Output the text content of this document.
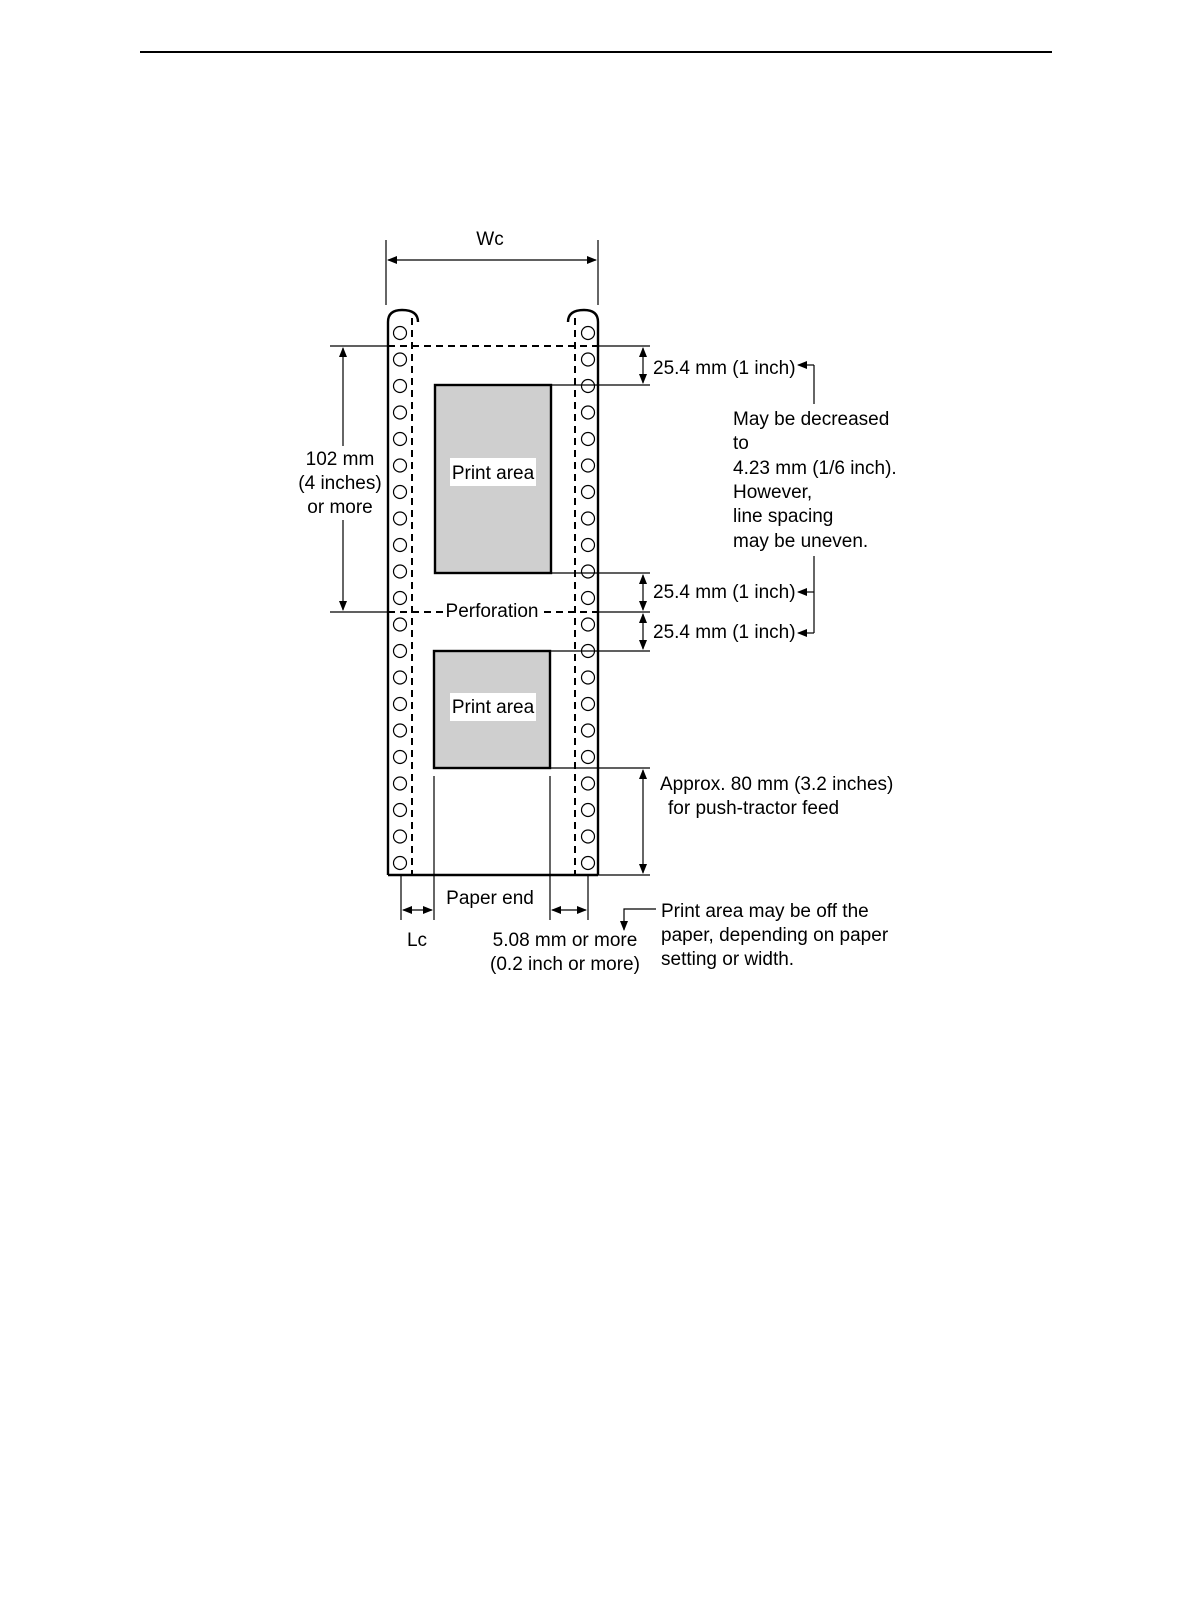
Wc
Print area
Print area
Perforation
102 mm
(4 inches)
or more
25.4 mm (1 inch)
25.4 mm (1 inch)
25.4 mm (1 inch)
May be decreased
to
4.23 mm (1/6 inch).
However,
line spacing
may be uneven.
Approx. 80 mm (3.2 inches)
for push-tractor feed
Paper end
Lc	5.08 mm or more
(0.2 inch or more)
Print area may be off the
paper, depending on paper
setting or width.
